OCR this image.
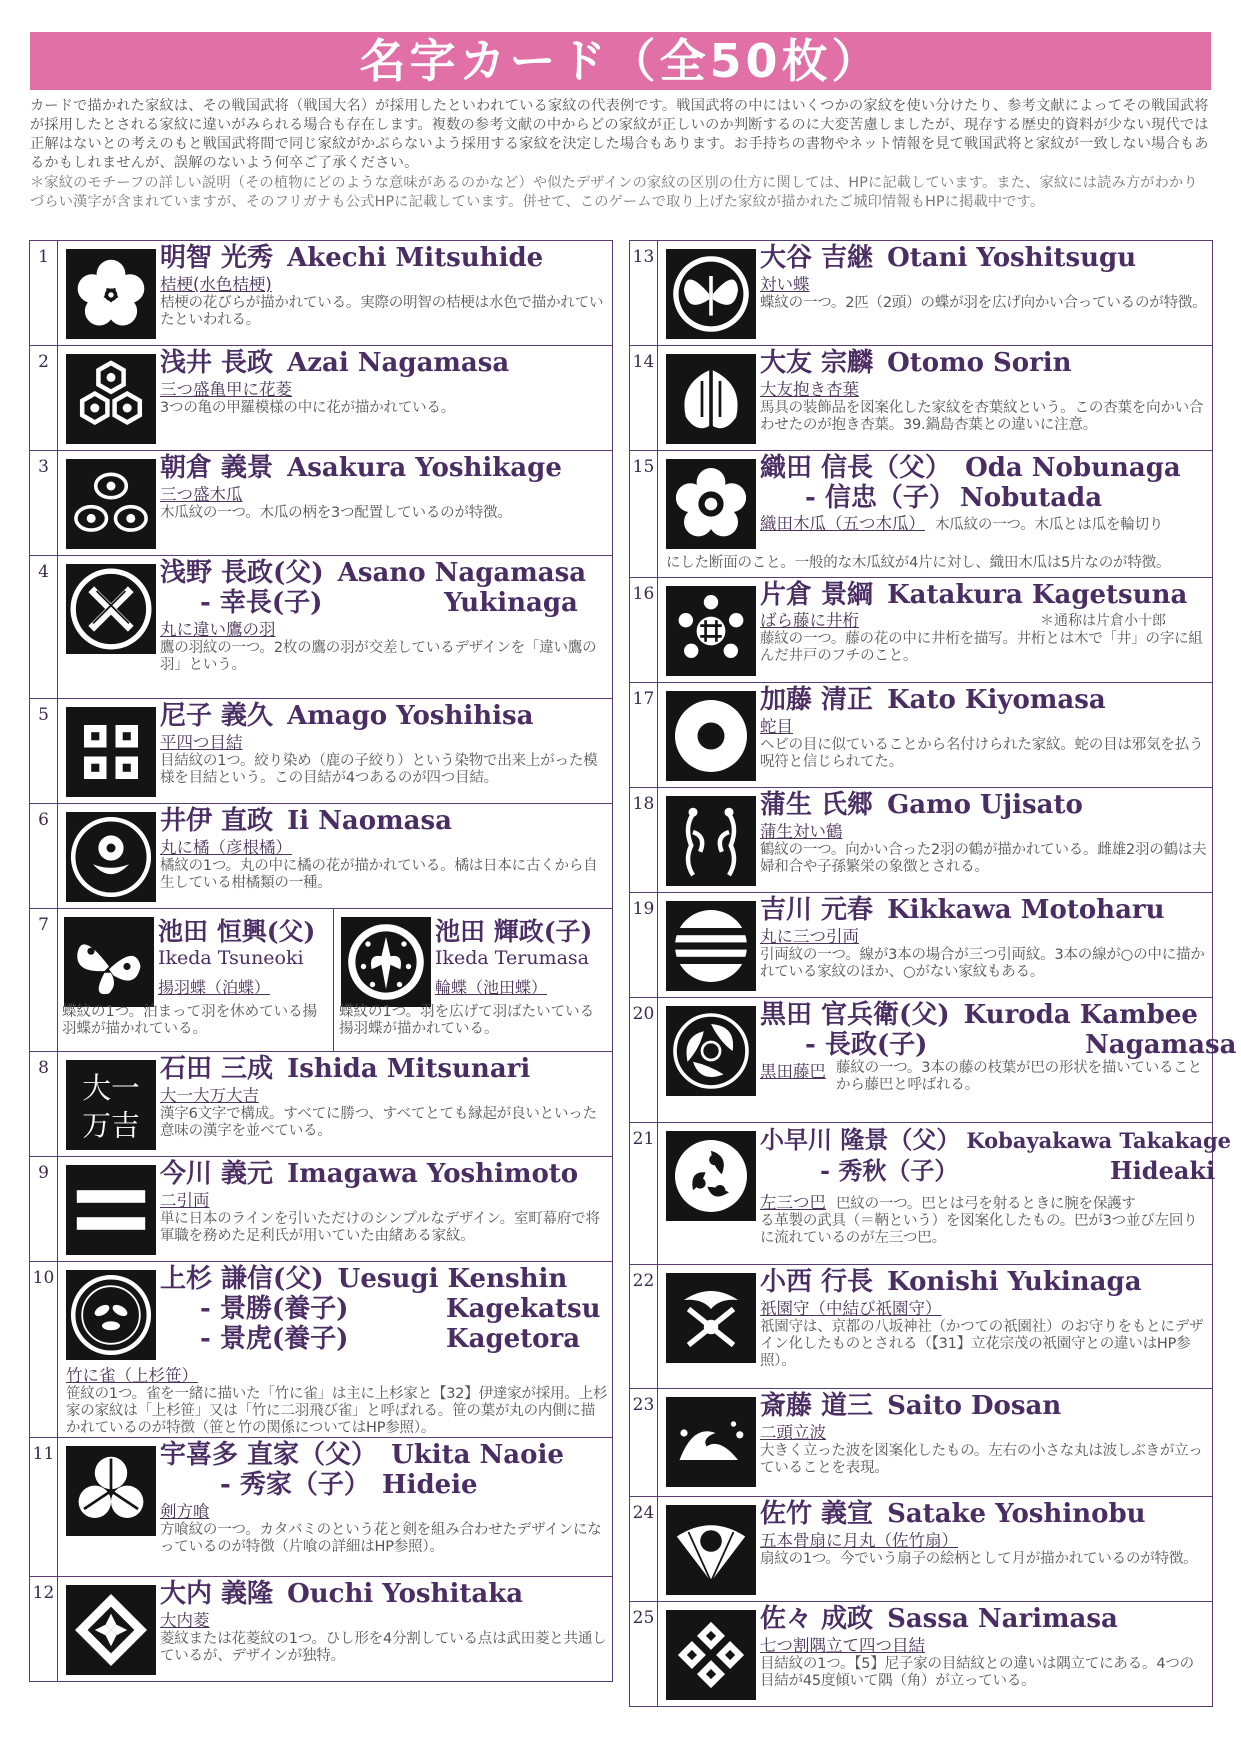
名字カード（全50枚）

カードで描かれた家紋は、その戦国武将（戦国大名）が採用したといわれている家紋の代表例です。戦国武将の中にはいくつかの家紋を使い分けたり、参考文献によってその戦国武将が採用したとされる家紋に違いがみられる場合も存在します。複数の参考文献の中からどの家紋が正しいのか判断するのに大変苦慮しましたが、現存する歴史的資料が少ない現代では正解はないとの考えのもと戦国武将間で同じ家紋がかぶらないよう採用する家紋を決定した場合もあります。お手持ちの書物やネット情報を見て戦国武将と家紋が一致しない場合もあるかもしれませんが、誤解のないよう何卒ご了承ください。

＊家紋のモチーフの詳しい説明（その植物にどのような意味があるのかなど）や似たデザインの家紋の区別の仕方に関しては、HPに記載しています。また、家紋には読み方がわかりづらい漢字が含まれていますが、そのフリガナも公式HPに記載しています。併せて、このゲームで取り上げた家紋が描かれたご城印情報もHPに掲載中です。

1	明智 光秀 Akechi Mitsuhide
桔梗(水色桔梗)
桔梗の花びらが描かれている。実際の明智の桔梗は水色で描かれていたといわれる。
2	浅井 長政 Azai Nagamasa
三つ盛亀甲に花菱
3つの亀の甲羅模様の中に花が描かれている。
3	朝倉 義景 Asakura Yoshikage
三つ盛木瓜
木瓜紋の一つ。木瓜の柄を3つ配置しているのが特徴。
4	浅野 長政(父) Asano Nagamasa
- 幸長(子)	Yukinaga
丸に違い鷹の羽
鷹の羽紋の一つ。2枚の鷹の羽が交差しているデザインを「違い鷹の羽」という。
5	尼子 義久 Amago Yoshihisa
平四つ目結
目結紋の1つ。絞り染め（鹿の子絞り）という染物で出来上がった模様を目結という。この目結が4つあるのが四つ目結。
6	井伊 直政 Ii Naomasa
丸に橘（彦根橘）
橘紋の1つ。丸の中に橘の花が描かれている。橘は日本に古くから自生している柑橘類の一種。
7	池田 恒興(父)
Ikeda Tsuneoki
揚羽蝶（泊蝶）
蝶紋の1つ。泊まって羽を休めている揚羽蝶が描かれている。
池田 輝政(子)
Ikeda Terumasa
輪蝶（池田蝶）
蝶紋の1つ。羽を広げて羽ばたいている揚羽蝶が描かれている。
8	石田 三成 Ishida Mitsunari
大一大万大吉
漢字6文字で構成。すべてに勝つ、すべてとても縁起が良いといった意味の漢字を並べている。
9	今川 義元 Imagawa Yoshimoto
二引両
単に日本のラインを引いただけのシンプルなデザイン。室町幕府で将軍職を務めた足利氏が用いていた由緒ある家紋。
10	上杉 謙信(父) Uesugi Kenshin
- 景勝(養子)	Kagekatsu
- 景虎(養子)	Kagetora
竹に雀（上杉笹）
笹紋の1つ。雀を一緒に描いた「竹に雀」は主に上杉家と【32】伊達家が採用。上杉家の家紋は「上杉笹」又は「竹に二羽飛び雀」と呼ばれる。笹の葉が丸の内側に描かれているのが特徴（笹と竹の関係についてはHP参照）。
11	宇喜多 直家（父） Ukita Naoie
- 秀家（子） Hideie
剣方喰
方喰紋の一つ。カタバミのという花と剣を組み合わせたデザインになっているのが特徴（片喰の詳細はHP参照）。
12	大内 義隆 Ouchi Yoshitaka
大内菱
菱紋または花菱紋の1つ。ひし形を4分割している点は武田菱と共通しているが、デザインが独特。
13	大谷 吉継 Otani Yoshitsugu
対い蝶
蝶紋の一つ。2匹（2頭）の蝶が羽を広げ向かい合っているのが特徴。
14	大友 宗麟 Otomo Sorin
大友抱き杏葉
馬具の装飾品を図案化した家紋を杏葉紋という。この杏葉を向かい合わせたのが抱き杏葉。39.鍋島杏葉との違いに注意。
15	織田 信長（父） Oda Nobunaga
- 信忠（子） Nobutada
織田木瓜（五つ木瓜） 木瓜紋の一つ。木瓜とは瓜を輪切り
にした断面のこと。一般的な木瓜紋が4片に対し、織田木瓜は5片なのが特徴。
16	片倉 景綱 Katakura Kagetsuna
ばら藤に井桁	＊通称は片倉小十郎
藤紋の一つ。藤の花の中に井桁を描写。井桁とは木で「井」の字に組んだ井戸のフチのこと。
17	加藤 清正 Kato Kiyomasa
蛇目
ヘビの目に似ていることから名付けられた家紋。蛇の目は邪気を払う呪符と信じられてた。
18	蒲生 氏郷 Gamo Ujisato
蒲生対い鶴
鶴紋の一つ。向かい合った2羽の鶴が描かれている。雌雄2羽の鶴は夫婦和合や子孫繁栄の象徴とされる。
19	吉川 元春 Kikkawa Motoharu
丸に三つ引両
引両紋の一つ。線が3本の場合が三つ引両紋。3本の線が○の中に描かれている家紋のほか、○がない家紋もある。
20	黒田 官兵衛(父) Kuroda Kambee
- 長政(子)	Nagamasa
黒田藤巴 藤紋の一つ。3本の藤の枝葉が巴の形状を描いていることから藤巴と呼ばれる。
21	小早川 隆景（父） Kobayakawa Takakage
- 秀秋（子）	Hideaki
左三つ巴 巴紋の一つ。巴とは弓を射るときに腕を保護す
る革製の武具（＝鞆という）を図案化したもの。巴が3つ並び左回りに流れているのが左三つ巴。
22	小西 行長 Konishi Yukinaga
祇園守（中結び祇園守）
祇園守は、京都の八坂神社（かつての祇園社）のお守りをもとにデザイン化したものとされる（【31】立花宗茂の祇園守との違いはHP参照）。
23	斎藤 道三 Saito Dosan
二頭立波
大きく立った波を図案化したもの。左右の小さな丸は波しぶきが立っていることを表現。
24	佐竹 義宣 Satake Yoshinobu
五本骨扇に月丸（佐竹扇）
扇紋の1つ。今でいう扇子の絵柄として月が描かれているのが特徴。
25	佐々 成政 Sassa Narimasa
七つ割隅立て四つ目結
目結紋の1つ。【5】尼子家の目結紋との違いは隅立てにある。4つの目結が45度傾いて隅（角）が立っている。
